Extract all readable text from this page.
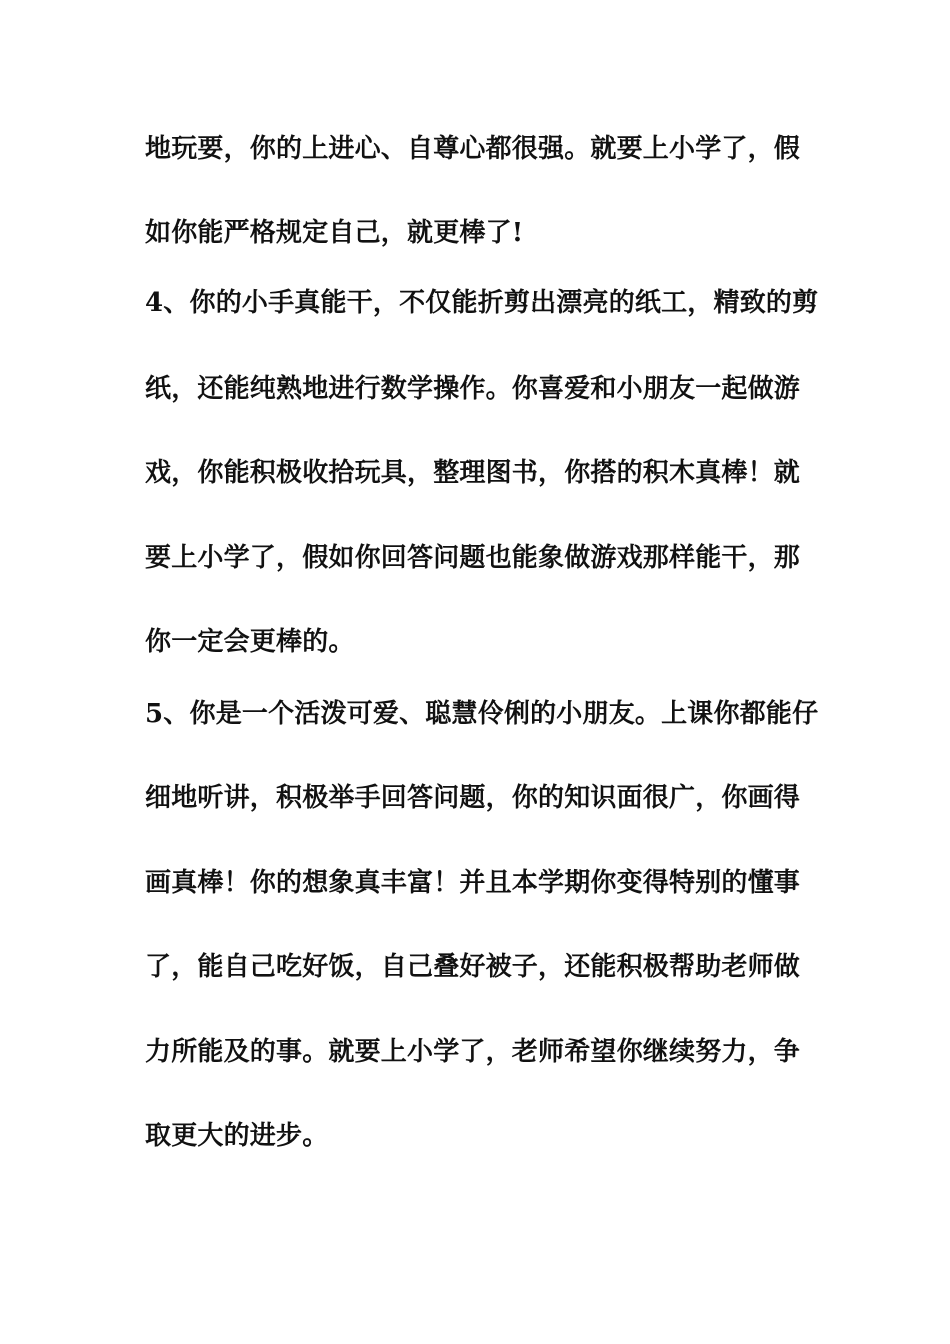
地玩要，你的上进心、自尊心都很强。就要上小学了，假
如你能严格规定自己，就更棒了!
4、你的小手真能干，不仅能折剪出漂亮的纸工，精致的剪
纸，还能纯熟地进行数学操作。你喜爱和小朋友一起做游
戏，你能积极收拾玩具，整理图书，你搭的积木真棒！就
要上小学了，假如你回答问题也能象做游戏那样能干，那
你一定会更棒的。
5、你是一个活泼可爱、聪慧伶俐的小朋友。上课你都能仔
细地听讲，积极举手回答问题，你的知识面很广，你画得
画真棒！你的想象真丰富！并且本学期你变得特别的懂事
了，能自己吃好饭，自己叠好被子，还能积极帮助老师做
力所能及的事。就要上小学了，老师希望你继续努力，争
取更大的进步。
